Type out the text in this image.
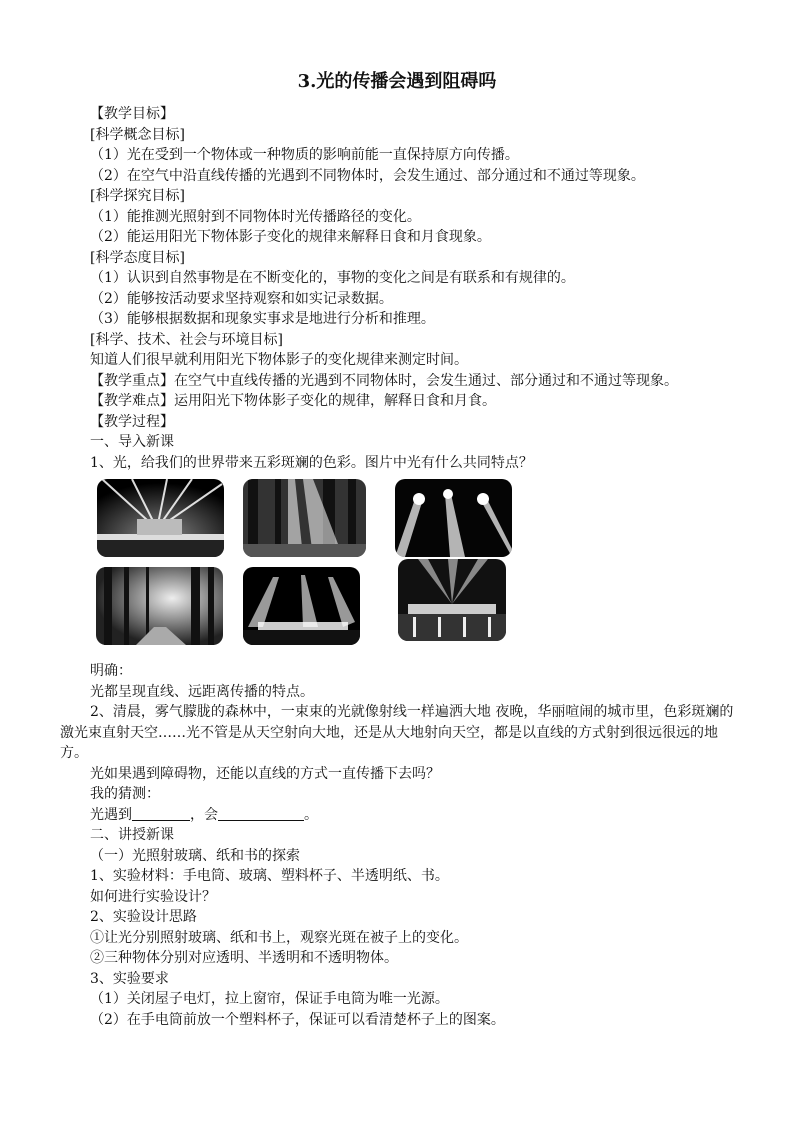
3.光的传播会遇到阻碍吗
【教学目标】
[科学概念目标]
（1）光在受到一个物体或一种物质的影响前能一直保持原方向传播。
（2）在空气中沿直线传播的光遇到不同物体时，会发生通过、部分通过和不通过等现象。
[科学探究目标]
（1）能推测光照射到不同物体时光传播路径的变化。
（2）能运用阳光下物体影子变化的规律来解释日食和月食现象。
[科学态度目标]
（1）认识到自然事物是在不断变化的，事物的变化之间是有联系和有规律的。
（2）能够按活动要求坚持观察和如实记录数据。
（3）能够根据数据和现象实事求是地进行分析和推理。
[科学、技术、社会与环境目标]
知道人们很早就利用阳光下物体影子的变化规律来测定时间。
【教学重点】在空气中直线传播的光遇到不同物体时，会发生通过、部分通过和不通过等现象。
【教学难点】运用阳光下物体影子变化的规律，解释日食和月食。
【教学过程】
一、导入新课
1、光，给我们的世界带来五彩斑斓的色彩。图片中光有什么共同特点？
明确：
光都呈现直线、远距离传播的特点。
2、清晨，雾气朦胧的森林中，一束束的光就像射线一样遍洒大地 夜晚，华丽喧闹的城市里，色彩斑斓的激光束直射天空……光不管是从天空射向大地，还是从大地射向天空，都是以直线的方式射到很远很远的地方。
光如果遇到障碍物，还能以直线的方式一直传播下去吗？
我的猜测：
光遇到	，会	。
二、讲授新课
（一）光照射玻璃、纸和书的探索
1、实验材料：手电筒、玻璃、塑料杯子、半透明纸、书。
如何进行实验设计？
2、实验设计思路
①让光分别照射玻璃、纸和书上，观察光斑在被子上的变化。
②三种物体分别对应透明、半透明和不透明物体。
3、实验要求
（1）关闭屋子电灯，拉上窗帘，保证手电筒为唯一光源。
（2）在手电筒前放一个塑料杯子，保证可以看清楚杯子上的图案。
